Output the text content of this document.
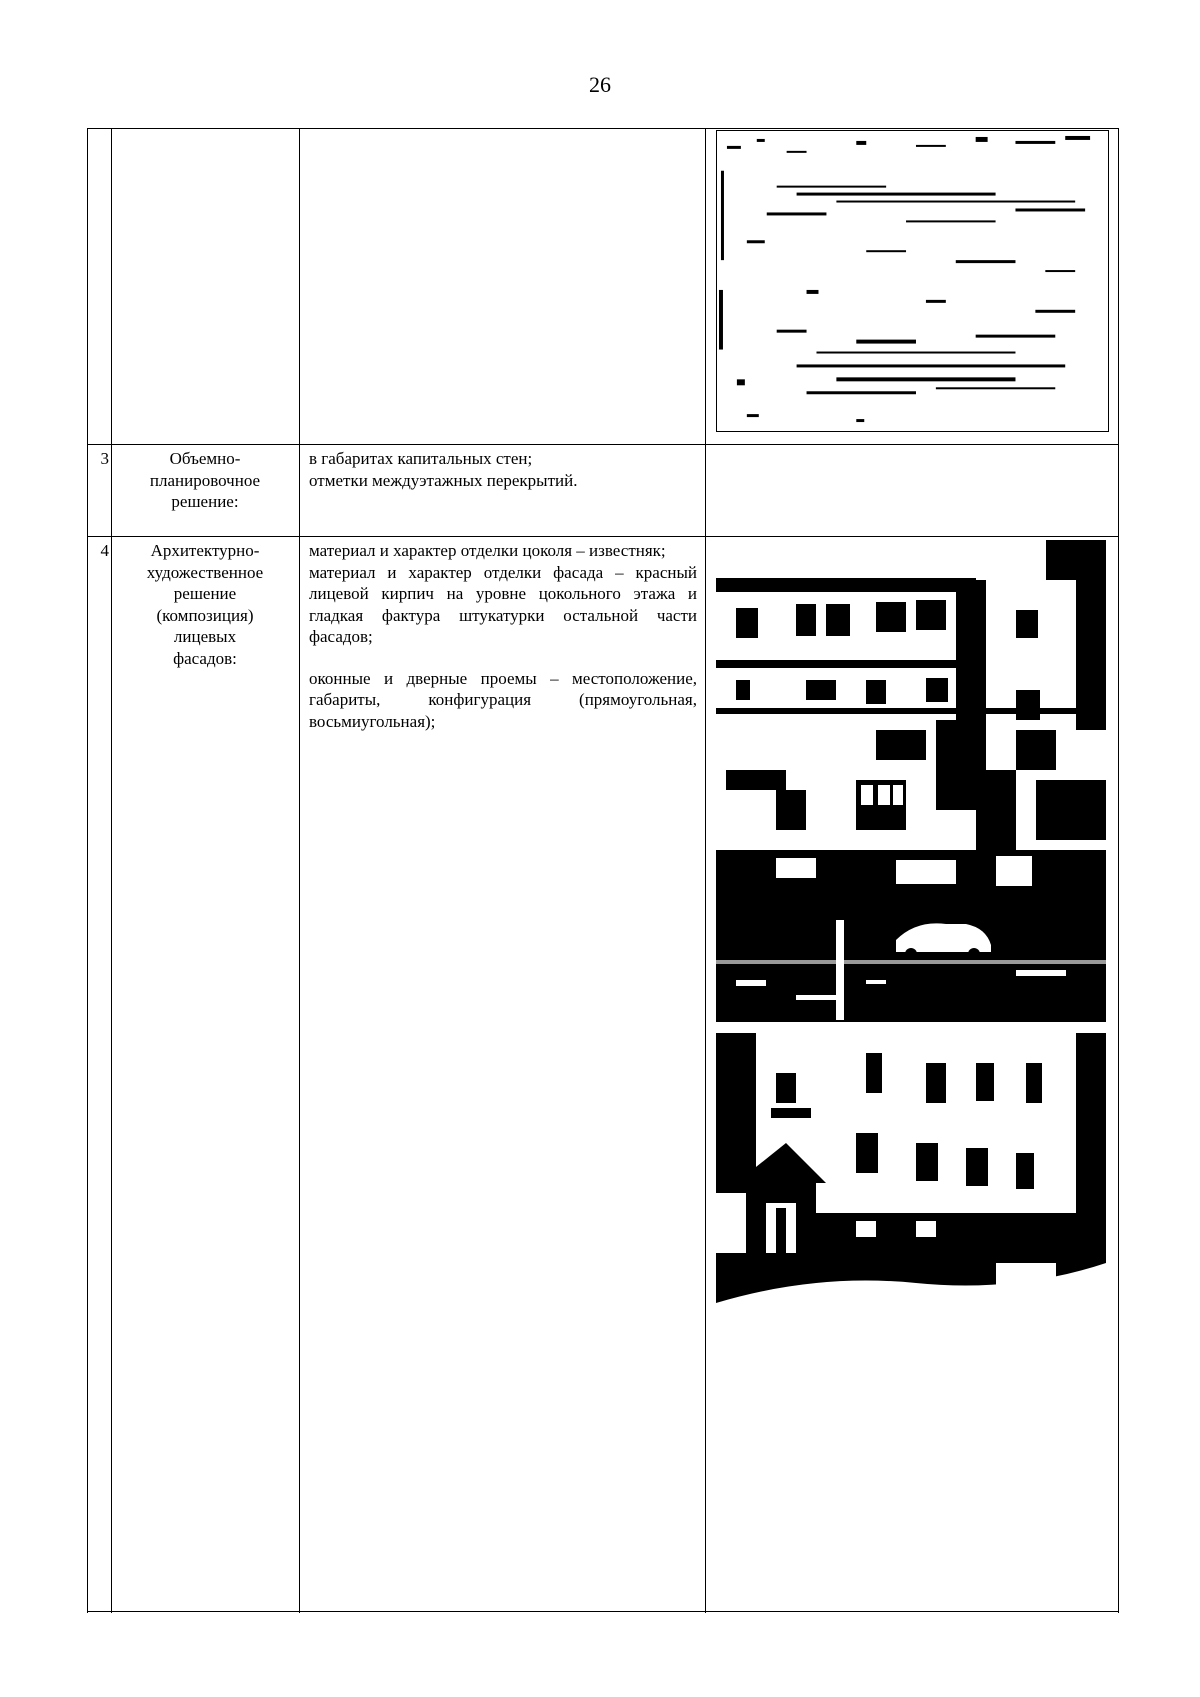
26
3	Объемно-
планировочное
решение:

в габаритах капитальных стен;
отметки междуэтажных перекрытий.

4	Архитектурно-
художественное
решение
(композиция)
лицевых
фасадов:

материал и характер отделки цоколя – известняк;

материал и характер отделки фасада – красный лицевой кирпич на уровне цокольного этажа и гладкая фактура штукатурки остальной части фасадов;

оконные и дверные проемы – местоположение, габариты, конфигурация (прямоугольная, восьмиугольная);
